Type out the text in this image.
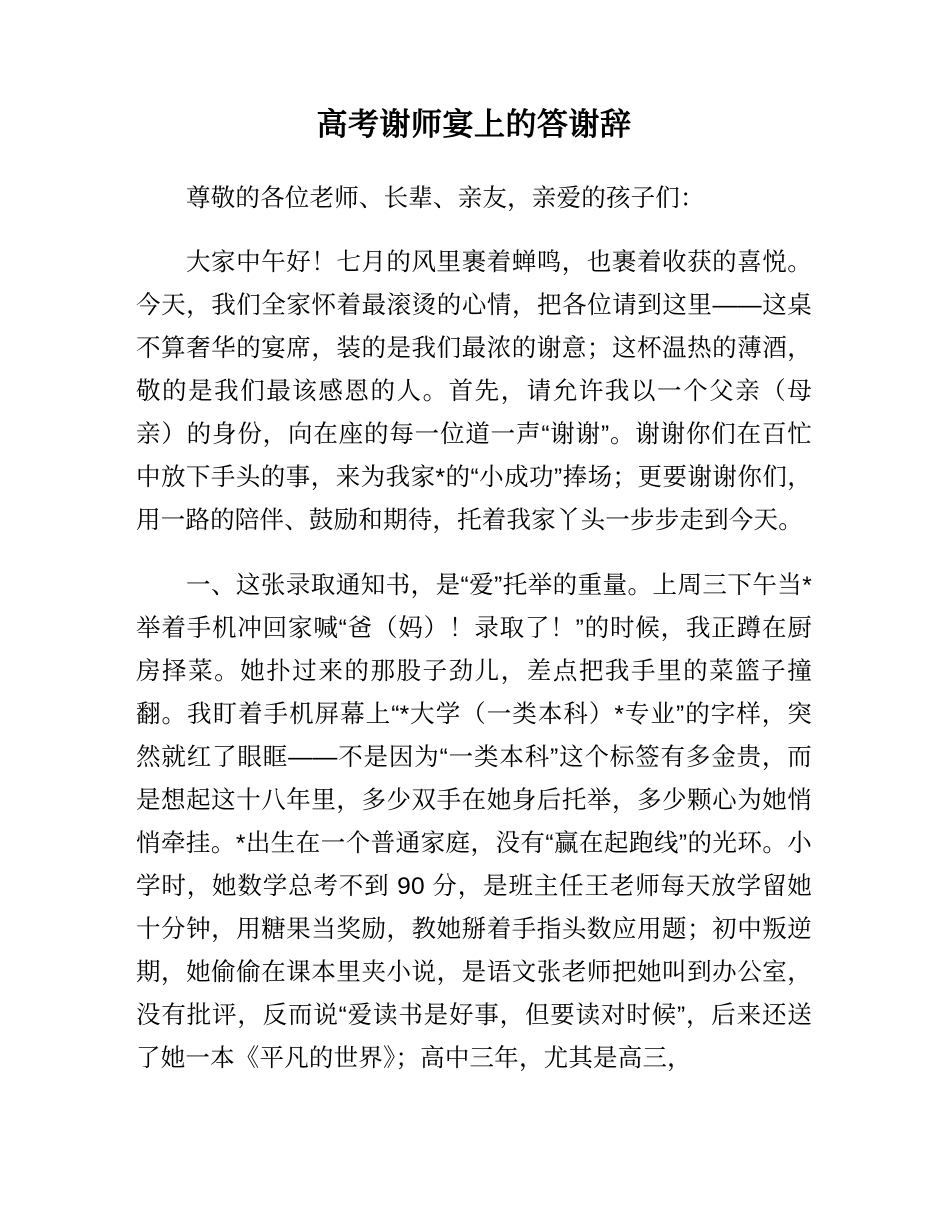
高考谢师宴上的答谢辞

尊敬的各位老师、长辈、亲友，亲爱的孩子们：

大家中午好！七月的风里裹着蝉鸣，也裹着收获的喜悦。今天，我们全家怀着最滚烫的心情，把各位请到这里——这桌不算奢华的宴席，装的是我们最浓的谢意；这杯温热的薄酒，敬的是我们最该感恩的人。首先，请允许我以一个父亲（母亲）的身份，向在座的每一位道一声“谢谢”。谢谢你们在百忙中放下手头的事，来为我家*的“小成功”捧场；更要谢谢你们，用一路的陪伴、鼓励和期待，托着我家丫头一步步走到今天。

一、这张录取通知书，是“爱”托举的重量。上周三下午当*举着手机冲回家喊“爸（妈）！录取了！”的时候，我正蹲在厨房择菜。她扑过来的那股子劲儿，差点把我手里的菜篮子撞翻。我盯着手机屏幕上“*大学（一类本科）*专业”的字样，突然就红了眼眶——不是因为“一类本科”这个标签有多金贵，而是想起这十八年里，多少双手在她身后托举，多少颗心为她悄悄牵挂。*出生在一个普通家庭，没有“赢在起跑线”的光环。小学时，她数学总考不到 90 分，是班主任王老师每天放学留她十分钟，用糖果当奖励，教她掰着手指头数应用题；初中叛逆期，她偷偷在课本里夹小说，是语文张老师把她叫到办公室，没有批评，反而说“爱读书是好事，但要读对时候”，后来还送了她一本《平凡的世界》；高中三年，尤其是高三，
